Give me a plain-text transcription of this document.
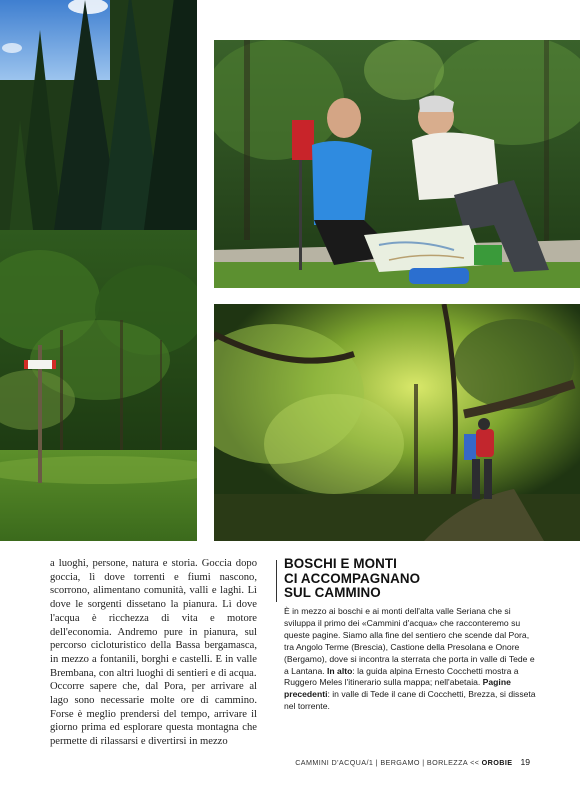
a luoghi, persone, natura e storia. Goccia dopo goccia, lì dove torrenti e fiumi nascono, scorrono, alimentano comunità, valli e laghi. Lì dove le sorgenti dissetano la pianura. Lì dove l'acqua è ricchezza di vita e motore dell'economia. Andremo pure in pianura, sul percorso cicloturistico della Bassa bergamasca, in mezzo a fontanili, borghi e castelli. E in valle Brembana, con altri luoghi di sentieri e di acqua.

Occorre sapere che, dal Pora, per arrivare al lago sono necessarie molte ore di cammino. Forse è meglio prendersi del tempo, arrivare il giorno prima ed esplorare questa montagna che permette di rilassarsi e divertirsi in mezzo

BOSCHI E MONTI
CI ACCOMPAGNANO
SUL CAMMINO
È in mezzo ai boschi e ai monti dell'alta valle Seriana che si sviluppa il primo dei «Cammini d'acqua» che racconteremo su queste pagine. Siamo alla fine del sentiero che scende dal Pora, tra Angolo Terme (Brescia), Castione della Presolana e Onore (Bergamo), dove si incontra la sterrata che porta in valle di Tede e a Lantana. In alto: la guida alpina Ernesto Cocchetti mostra a Ruggero Meles l'itinerario sulla mappa; nell'abetaia. Pagine precedenti: in valle di Tede il cane di Cocchetti, Brezza, si disseta nel torrente.
CAMMINI D'ACQUA/1 | BERGAMO | BORLEZZA << OROBIE 19
